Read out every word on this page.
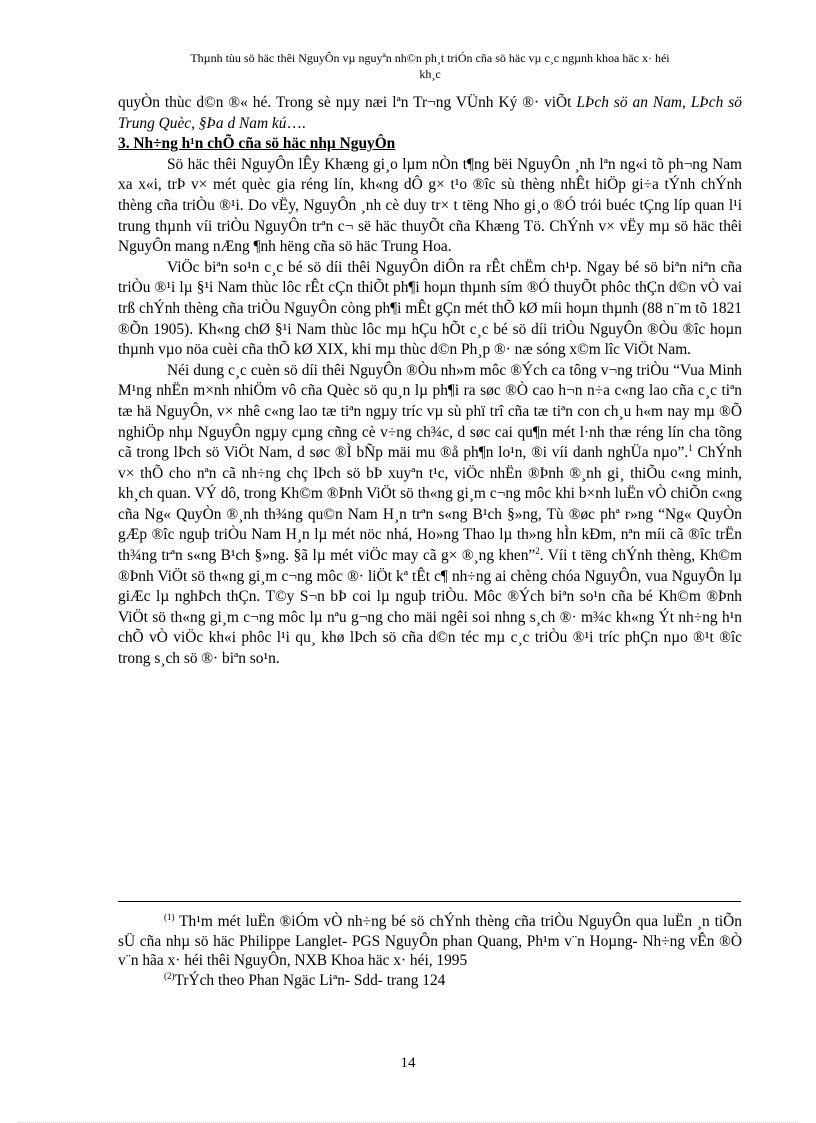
Thµnh tùu sö häc thêi NguyÔn vµ nguyªn nh©n ph¸t triÓn cña sö häc vµ c¸c ngµnh khoa häc x· héi
kh¸c

quyÒn thùc d©n ®« hé. Trong sè nµy næi lªn Tr¬ng VÜnh Ký ®· viÕt LÞch sö an Nam, LÞch sö Trung Quèc, §Þa d Nam kú….

3. Nh÷ng h¹n chÕ cña sö häc nhµ NguyÔn

Sö häc thêi NguyÔn lÊy Khæng gi¸o lµm nÒn t¶ng bëi NguyÔn ¸nh lªn ng«i tõ ph¬ng Nam xa x«i, trÞ v× mét quèc gia réng lín, kh«ng dÔ g× t¹o ®îc sù thèng nhÊt hiÖp gi÷a tÝnh chÝnh thèng cña triÒu ®¹i. Do vËy, NguyÔn ¸nh cè duy tr× t tëng Nho gi¸o ®Ó trói buéc tÇng líp quan l¹i trung thµnh víi triÒu NguyÔn trªn c¬ së häc thuyÕt cña Khæng Tö. ChÝnh v× vËy mµ sö häc thêi NguyÔn mang nÆng ¶nh hëng cña sö häc Trung Hoa.

ViÖc biªn so¹n c¸c bé sö díi thêi NguyÔn diÔn ra rÊt chËm ch¹p. Ngay bé sö biªn niªn cña triÒu ®¹i lµ §¹i Nam thùc lôc rÊt cÇn thiÕt ph¶i hoµn thµnh sím ®Ó thuyÕt phôc thÇn d©n vÒ vai trß chÝnh thèng cña triÒu NguyÔn còng ph¶i mÊt gÇn mét thÕ kØ míi hoµn thµnh (88 n¨m tõ 1821 ®Õn 1905). Kh«ng chØ §¹i Nam thùc lôc mµ hÇu hÕt c¸c bé sö díi triÒu NguyÔn ®Òu ®îc hoµn thµnh vµo nöa cuèi cña thÕ kØ XIX, khi mµ thùc d©n Ph¸p ®· næ sóng x©m lîc ViÖt Nam.

Néi dung c¸c cuèn sö díi thêi NguyÔn ®Òu nh»m môc ®Ých ca tông v¬ng triÒu “Vua Minh M¹ng nhËn m×nh nhiÖm vô cña Quèc sö qu¸n lµ ph¶i ra søc ®Ò cao h¬n n÷a c«ng lao cña c¸c tiªn tæ hä NguyÔn, v× nhê c«ng lao tæ tiªn ngµy tríc vµ sù phï trî cña tæ tiªn con ch¸u h«m nay mµ ®Õ nghiÖp nhµ NguyÔn ngµy cµng cñng cè v÷ng ch¾c, d søc cai qu¶n mét l·nh thæ réng lín cha tõng cã trong lÞch sö ViÖt Nam, d søc ®Ì bÑp mäi mu ®å ph¶n lo¹n, ®i víi danh nghÜa nµo”.$^1$ ChÝnh v× thÕ cho nªn cã nh÷ng chç lÞch sö bÞ xuyªn t¹c, viÖc nhËn ®Þnh ®¸nh gi¸ thiÕu c«ng minh, kh¸ch quan. VÝ dô, trong Kh©m ®Þnh ViÖt sö th«ng gi¸m c¬ng môc khi b×nh luËn vÒ chiÕn c«ng cña Ng« QuyÒn ®¸nh th¾ng qu©n Nam H¸n trªn s«ng B¹ch §»ng, Tù ®øc phª r»ng “Ng« QuyÒn gÆp ®îc nguþ triÒu Nam H¸n lµ mét nöc nhá, Ho»ng Thao lµ th»ng hÌn kÐm, nªn míi cã ®îc trËn th¾ng trªn s«ng B¹ch §»ng. §ã lµ mét viÖc may cã g× ®¸ng khen”$^2$. Víi t tëng chÝnh thèng, Kh©m ®Þnh ViÖt sö th«ng gi¸m c¬ng môc ®· liÖt kª tÊt c¶ nh÷ng ai chèng chóa NguyÔn, vua NguyÔn lµ giÆc lµ nghÞch thÇn. T©y S¬n bÞ coi lµ nguþ triÒu. Môc ®Ých biªn so¹n cña bé Kh©m ®Þnh ViÖt sö th«ng gi¸m c¬ng môc lµ nªu g¬ng cho mäi ngêi soi nhng s¸ch ®· m¾c kh«ng Ýt nh÷ng h¹n chÕ vÒ viÖc kh«i phôc l¹i qu¸ khø lÞch sö cña d©n téc mµ c¸c triÒu ®¹i tríc phÇn nµo ®¹t ®îc trong s¸ch sö ®· biªn so¹n.

$^{(1)}$ Th¹m mét luËn ®iÓm vÒ nh÷ng bé sö chÝnh thèng cña triÒu NguyÔn qua luËn ¸n tiÕn sÜ cña nhµ sö häc Philippe Langlet- PGS NguyÔn phan Quang, Ph¹m v¨n Hoµng- Nh÷ng vÊn ®Ò v¨n hãa x· héi thêi NguyÔn, NXB Khoa häc x· héi, 1995

$^{(2)}$TrÝch theo Phan Ngäc Liªn- Sdd- trang 124

14
